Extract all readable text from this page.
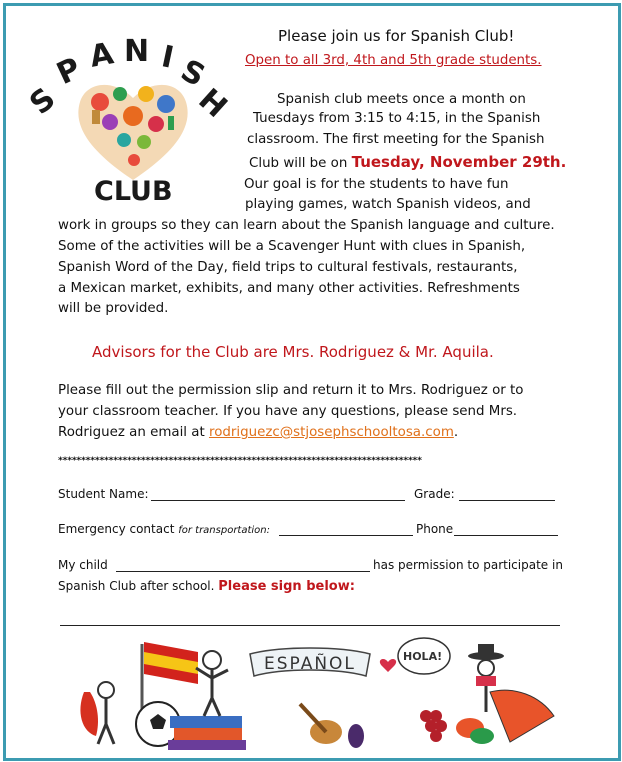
S
P A N I
S
H
CLUB
Please join us for Spanish Club!
Open to all 3rd, 4th and 5th grade students.
Spanish club meets once a month on
Tuesdays from 3:15 to 4:15, in the Spanish
classroom. The first meeting for the Spanish
Club will be on Tuesday, November 29th.
Our goal is for the students to have fun
playing games, watch Spanish videos, and
work in groups so they can learn about the Spanish language and culture.
Some of the activities will be a Scavenger Hunt with clues in Spanish,
Spanish Word of the Day, field trips to cultural festivals, restaurants,
a Mexican market, exhibits, and many other activities. Refreshments
will be provided.
Advisors for the Club are Mrs. Rodriguez & Mr. Aquila.
Please fill out the permission slip and return it to Mrs. Rodriguez or to
your classroom teacher. If you have any questions, please send Mrs.
Rodriguez an email at rodriguezc@stjosephschooltosa.com.
*******************************************************************************
Student Name:	Grade:
Emergency contact for transportation:	Phone
My child	has permission to participate in
Spanish Club after school. Please sign below:
ESPAÑOL	HOLA!
